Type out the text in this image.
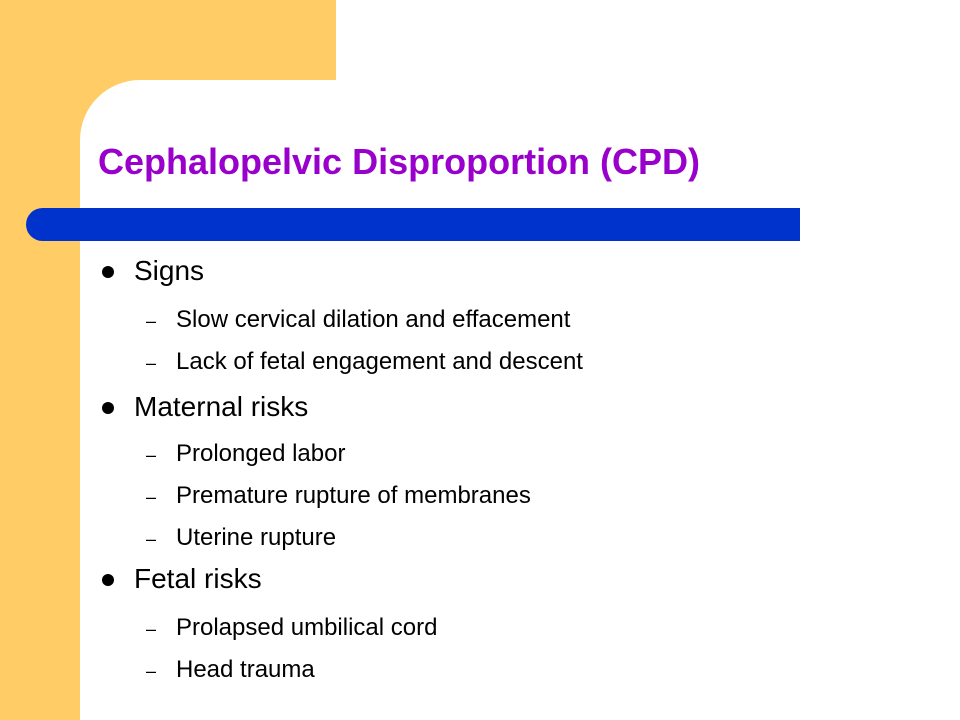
Cephalopelvic Disproportion (CPD)
Signs
– Slow cervical dilation and effacement
– Lack of fetal engagement and descent
Maternal risks
– Prolonged labor
– Premature rupture of membranes
– Uterine rupture
Fetal risks
– Prolapsed umbilical cord
– Head trauma
